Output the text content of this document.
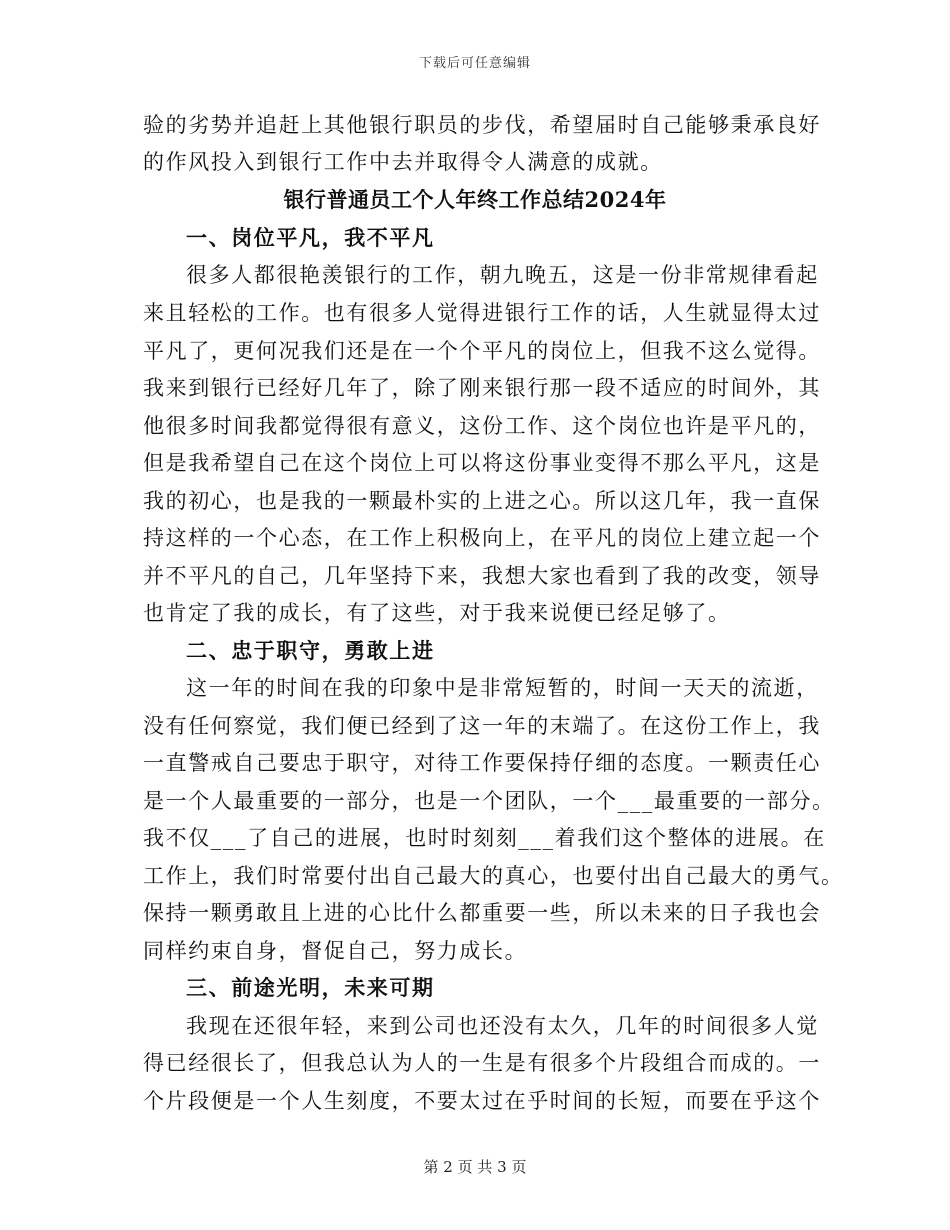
下载后可任意编辑
验的劣势并追赶上其他银行职员的步伐，希望届时自己能够秉承良好
的作风投入到银行工作中去并取得令人满意的成就。
银行普通员工个人年终工作总结2024年
一、岗位平凡，我不平凡
很多人都很艳羡银行的工作，朝九晚五，这是一份非常规律看起
来且轻松的工作。也有很多人觉得进银行工作的话，人生就显得太过
平凡了，更何况我们还是在一个个平凡的岗位上，但我不这么觉得。
我来到银行已经好几年了，除了刚来银行那一段不适应的时间外，其
他很多时间我都觉得很有意义，这份工作、这个岗位也许是平凡的，
但是我希望自己在这个岗位上可以将这份事业变得不那么平凡，这是
我的初心，也是我的一颗最朴实的上进之心。所以这几年，我一直保
持这样的一个心态，在工作上积极向上，在平凡的岗位上建立起一个
并不平凡的自己，几年坚持下来，我想大家也看到了我的改变，领导
也肯定了我的成长，有了这些，对于我来说便已经足够了。
二、忠于职守，勇敢上进
这一年的时间在我的印象中是非常短暂的，时间一天天的流逝，
没有任何察觉，我们便已经到了这一年的末端了。在这份工作上，我
一直警戒自己要忠于职守，对待工作要保持仔细的态度。一颗责任心
是一个人最重要的一部分，也是一个团队，一个___最重要的一部分。
我不仅___了自己的进展，也时时刻刻___着我们这个整体的进展。在
工作上，我们时常要付出自己最大的真心，也要付出自己最大的勇气。
保持一颗勇敢且上进的心比什么都重要一些，所以未来的日子我也会
同样约束自身，督促自己，努力成长。
三、前途光明，未来可期
我现在还很年轻，来到公司也还没有太久，几年的时间很多人觉
得已经很长了，但我总认为人的一生是有很多个片段组合而成的。一
个片段便是一个人生刻度，不要太过在乎时间的长短，而要在乎这个
第 2 页 共 3 页
